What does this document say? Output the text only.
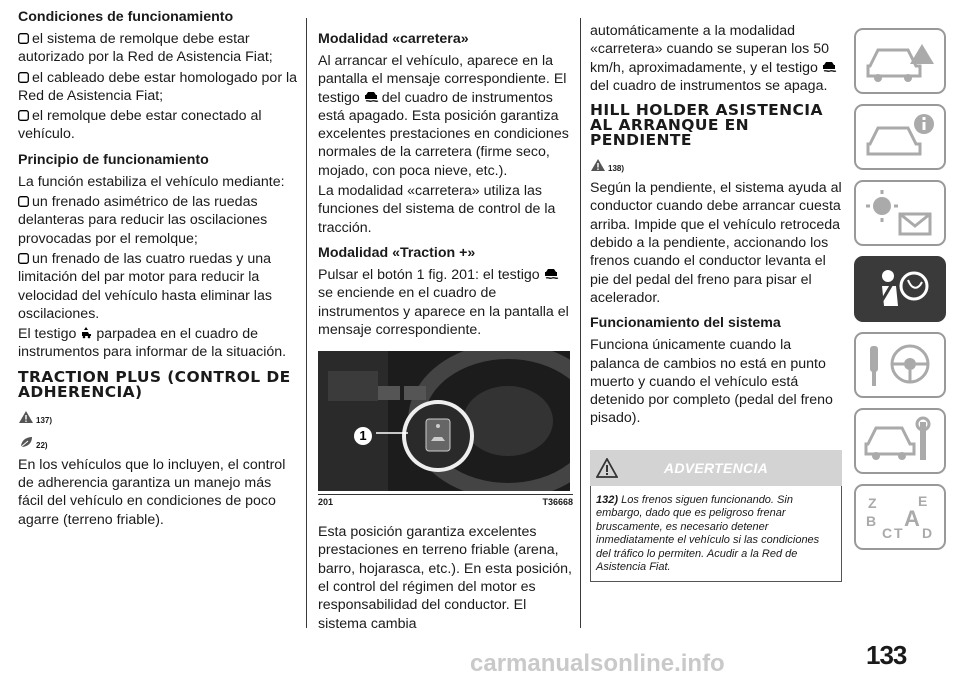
Condiciones de funcionamiento

el sistema de remolque debe estar autorizado por la Red de Asistencia Fiat;

el cableado debe estar homologado por la Red de Asistencia Fiat;

el remolque debe estar conectado al vehículo.

Principio de funcionamiento

La función estabiliza el vehículo mediante:

un frenado asimétrico de las ruedas delanteras para reducir las oscilaciones provocadas por el remolque;

un frenado de las cuatro ruedas y una limitación del par motor para reducir la velocidad del vehículo hasta eliminar las oscilaciones.

El testigo parpadea en el cuadro de instrumentos para informar de la situación.

TRACTION PLUS (CONTROL DE ADHERENCIA)
137)

22)

En los vehículos que lo incluyen, el control de adherencia garantiza un manejo más fácil del vehículo en condiciones de poco agarre (terreno friable).

Modalidad «carretera»

Al arrancar el vehículo, aparece en la pantalla el mensaje correspondiente. El testigo del cuadro de instrumentos está apagado. Esta posición garantiza excelentes prestaciones en condiciones normales de la carretera (firme seco, mojado, con poca nieve, etc.).

La modalidad «carretera» utiliza las funciones del sistema de control de la tracción.

Modalidad «Traction +»

Pulsar el botón 1 fig. 201: el testigo se enciende en el cuadro de instrumentos y aparece en la pantalla el mensaje correspondiente.

1
201	T36668

Esta posición garantiza excelentes prestaciones en terreno friable (arena, barro, hojarasca, etc.). En esta posición, el control del régimen del motor es responsabilidad del conductor. El sistema cambia

automáticamente a la modalidad «carretera» cuando se superan los 50 km/h, aproximadamente, y el testigo del cuadro de instrumentos se apaga.

HILL HOLDER ASISTENCIA AL ARRANQUE EN PENDIENTE
138)

Según la pendiente, el sistema ayuda al conductor cuando debe arrancar cuesta arriba. Impide que el vehículo retroceda debido a la pendiente, accionando los frenos cuando el conductor levanta el pie del pedal del freno para pisar el acelerador.

Funcionamiento del sistema

Funciona únicamente cuando la palanca de cambios no está en punto muerto y cuando el vehículo está detenido por completo (pedal del freno pisado).

ADVERTENCIA
132) Los frenos siguen funcionando. Sin embargo, dado que es peligroso frenar bruscamente, es necesario detener inmediatamente el vehículo si las condiciones del tráfico lo permiten. Acudir a la Red de Asistencia Fiat.
Z	E
B A
C T D
133
carmanualsonline.info
